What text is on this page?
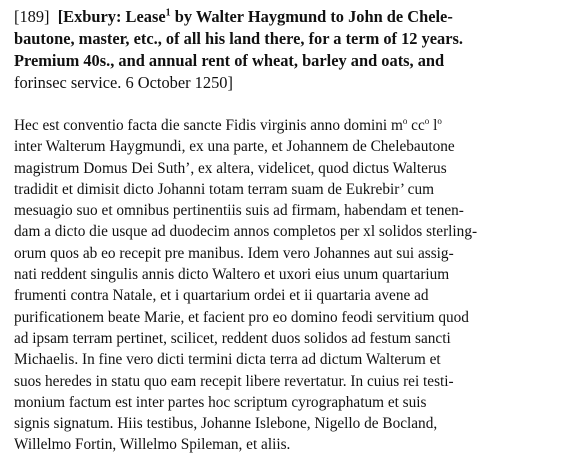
[189] [Exbury: Lease$^1$ by Walter Haygmund to John de Chele-
bautone, master, etc., of all his land there, for a term of 12 years.
Premium 40s., and annual rent of wheat, barley and oats, and
forinsec service. 6 October 1250]
Hec est conventio facta die sancte Fidis virginis anno domini $m^o$ $cc^o$ $l^o$
inter Walterum Haygmundi, ex una parte, et Johannem de Chelebautone
magistrum Domus Dei Suth’, ex altera, videlicet, quod dictus Walterus
tradidit et dimisit dicto Johanni totam terram suam de Eukrebir’ cum
mesuagio suo et omnibus pertinentiis suis ad firmam, habendam et tenen-
dam a dicto die usque ad duodecim annos completos per xl solidos sterling-
orum quos ab eo recepit pre manibus. Idem vero Johannes aut sui assig-
nati reddent singulis annis dicto Waltero et uxori eius unum quartarium
frumenti contra Natale, et i quartarium ordei et ii quartaria avene ad
purificationem beate Marie, et facient pro eo domino feodi servitium quod
ad ipsam terram pertinet, scilicet, reddent duos solidos ad festum sancti
Michaelis. In fine vero dicti termini dicta terra ad dictum Walterum et
suos heredes in statu quo eam recepit libere revertatur. In cuius rei testi-
monium factum est inter partes hoc scriptum cyrographatum et suis
signis signatum. Hiis testibus, Johanne Islebone, Nigello de Bocland,
Willelmo Fortin, Willelmo Spileman, et aliis.
